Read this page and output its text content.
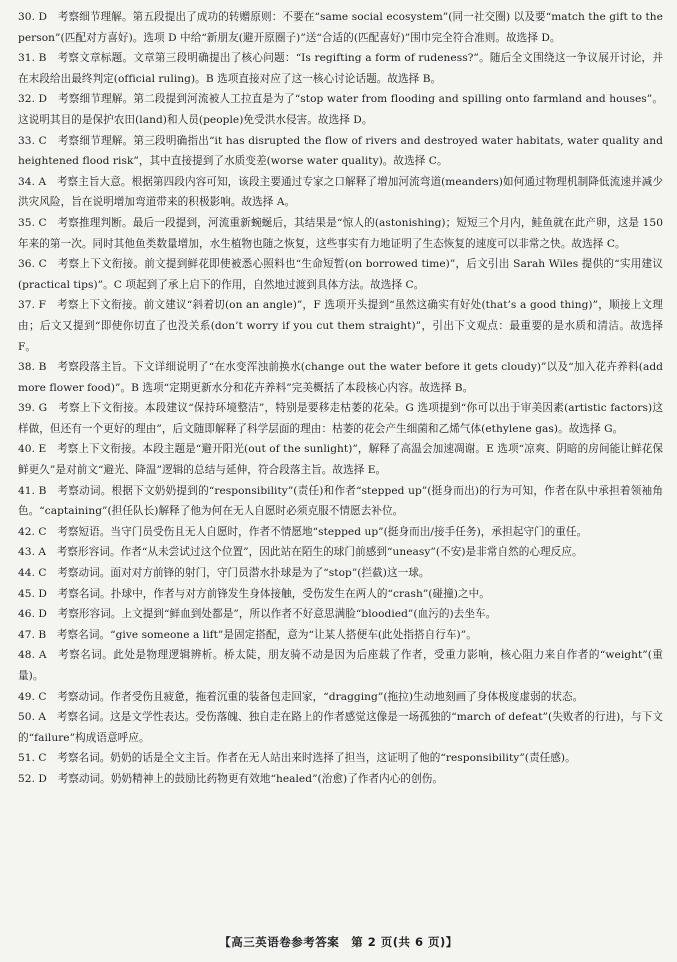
30. D　考察细节理解。第五段提出了成功的转赠原则：不要在“same social ecosystem”(同一社交圈) 以及要“match the gift to the person”(匹配对方喜好)。选项 D 中给“新朋友(避开原圈子)”送“合适的(匹配喜好)”围巾完全符合准则。故选择 D。

31. B　考察文章标题。文章第三段明确提出了核心问题：“Is regifting a form of rudeness?”。随后全文围绕这一争议展开讨论，并在末段给出最终判定(official ruling)。B 选项直接对应了这一核心讨论话题。故选择 B。

32. D　考察细节理解。第二段提到河流被人工拉直是为了“stop water from flooding and spilling onto farmland and houses”。这说明其目的是保护农田(land)和人员(people)免受洪水侵害。故选择 D。

33. C　考察细节理解。第三段明确指出“it has disrupted the flow of rivers and destroyed water habitats, water quality and heightened flood risk”，其中直接提到了水质变差(worse water quality)。故选择 C。

34. A　考察主旨大意。根据第四段内容可知，该段主要通过专家之口解释了增加河流弯道(meanders)如何通过物理机制降低流速并减少洪灾风险，旨在说明增加弯道带来的积极影响。故选择 A。

35. C　考察推理判断。最后一段提到，河流重新蜿蜒后，其结果是“惊人的(astonishing)；短短三个月内，鲑鱼就在此产卵，这是 150 年来的第一次。同时其他鱼类数量增加，水生植物也随之恢复，这些事实有力地证明了生态恢复的速度可以非常之快。故选择 C。

36. C　考察上下文衔接。前文提到鲜花即使被悉心照料也“生命短暂(on borrowed time)”，后文引出 Sarah Wiles 提供的“实用建议(practical tips)”。C 项起到了承上启下的作用，自然地过渡到具体方法。故选择 C。

37. F　考察上下文衔接。前文建议“斜着切(on an angle)”，F 选项开头提到“虽然这确实有好处(that’s a good thing)”，顺接上文理由；后文又提到“即使你切直了也没关系(don’t worry if you cut them straight)”，引出下文观点：最重要的是水质和清洁。故选择 F。

38. B　考察段落主旨。下文详细说明了“在水变浑浊前换水(change out the water before it gets cloudy)”以及“加入花卉养料(add more flower food)”。B 选项“定期更新水分和花卉养料”完美概括了本段核心内容。故选择 B。

39. G　考察上下文衔接。本段建议“保持环境整洁”，特别是要移走枯萎的花朵。G 选项提到“你可以出于审美因素(artistic factors)这样做，但还有一个更好的理由”，后文随即解释了科学层面的理由：枯萎的花会产生细菌和乙烯气体(ethylene gas)。故选择 G。

40. E　考察上下文衔接。本段主题是“避开阳光(out of the sunlight)”，解释了高温会加速凋谢。E 选项“凉爽、阴暗的房间能让鲜花保鲜更久”是对前文“避光、降温”逻辑的总结与延伸，符合段落主旨。故选择 E。

41. B　考察动词。根据下文奶奶提到的“responsibility”(责任)和作者“stepped up”(挺身而出)的行为可知，作者在队中承担着领袖角色。“captaining”(担任队长)解释了他为何在无人自愿时必须克服不情愿去补位。

42. C　考察短语。当守门员受伤且无人自愿时，作者不情愿地“stepped up”(挺身而出/接手任务)，承担起守门的重任。

43. A　考察形容词。作者“从未尝试过这个位置”，因此站在陌生的球门前感到“uneasy”(不安)是非常自然的心理反应。

44. C　考察动词。面对对方前锋的射门，守门员潜水扑球是为了“stop”(拦截)这一球。

45. D　考察名词。扑球中，作者与对方前锋发生身体接触，受伤发生在两人的“crash”(碰撞)之中。

46. D　考察形容词。上文提到“鲜血到处都是”，所以作者不好意思满脸“bloodied”(血污的)去坐车。

47. B　考察名词。“give someone a lift”是固定搭配，意为“让某人搭便车(此处指搭自行车)”。

48. A　考察名词。此处是物理逻辑辨析。桥太陡，朋友骑不动是因为后座载了作者，受重力影响，核心阻力来自作者的“weight”(重量)。

49. C　考察动词。作者受伤且疲惫，拖着沉重的装备包走回家，“dragging”(拖拉)生动地刻画了身体极度虚弱的状态。

50. A　考察名词。这是文学性表达。受伤落魄、独自走在路上的作者感觉这像是一场孤独的“march of defeat”(失败者的行进)，与下文的“failure”构成语意呼应。

51. C　考察名词。奶奶的话是全文主旨。作者在无人站出来时选择了担当，这证明了他的“responsibility”(责任感)。

52. D　考察动词。奶奶精神上的鼓励比药物更有效地“healed”(治愈)了作者内心的创伤。

【高三英语卷参考答案　第 2 页(共 6 页)】
